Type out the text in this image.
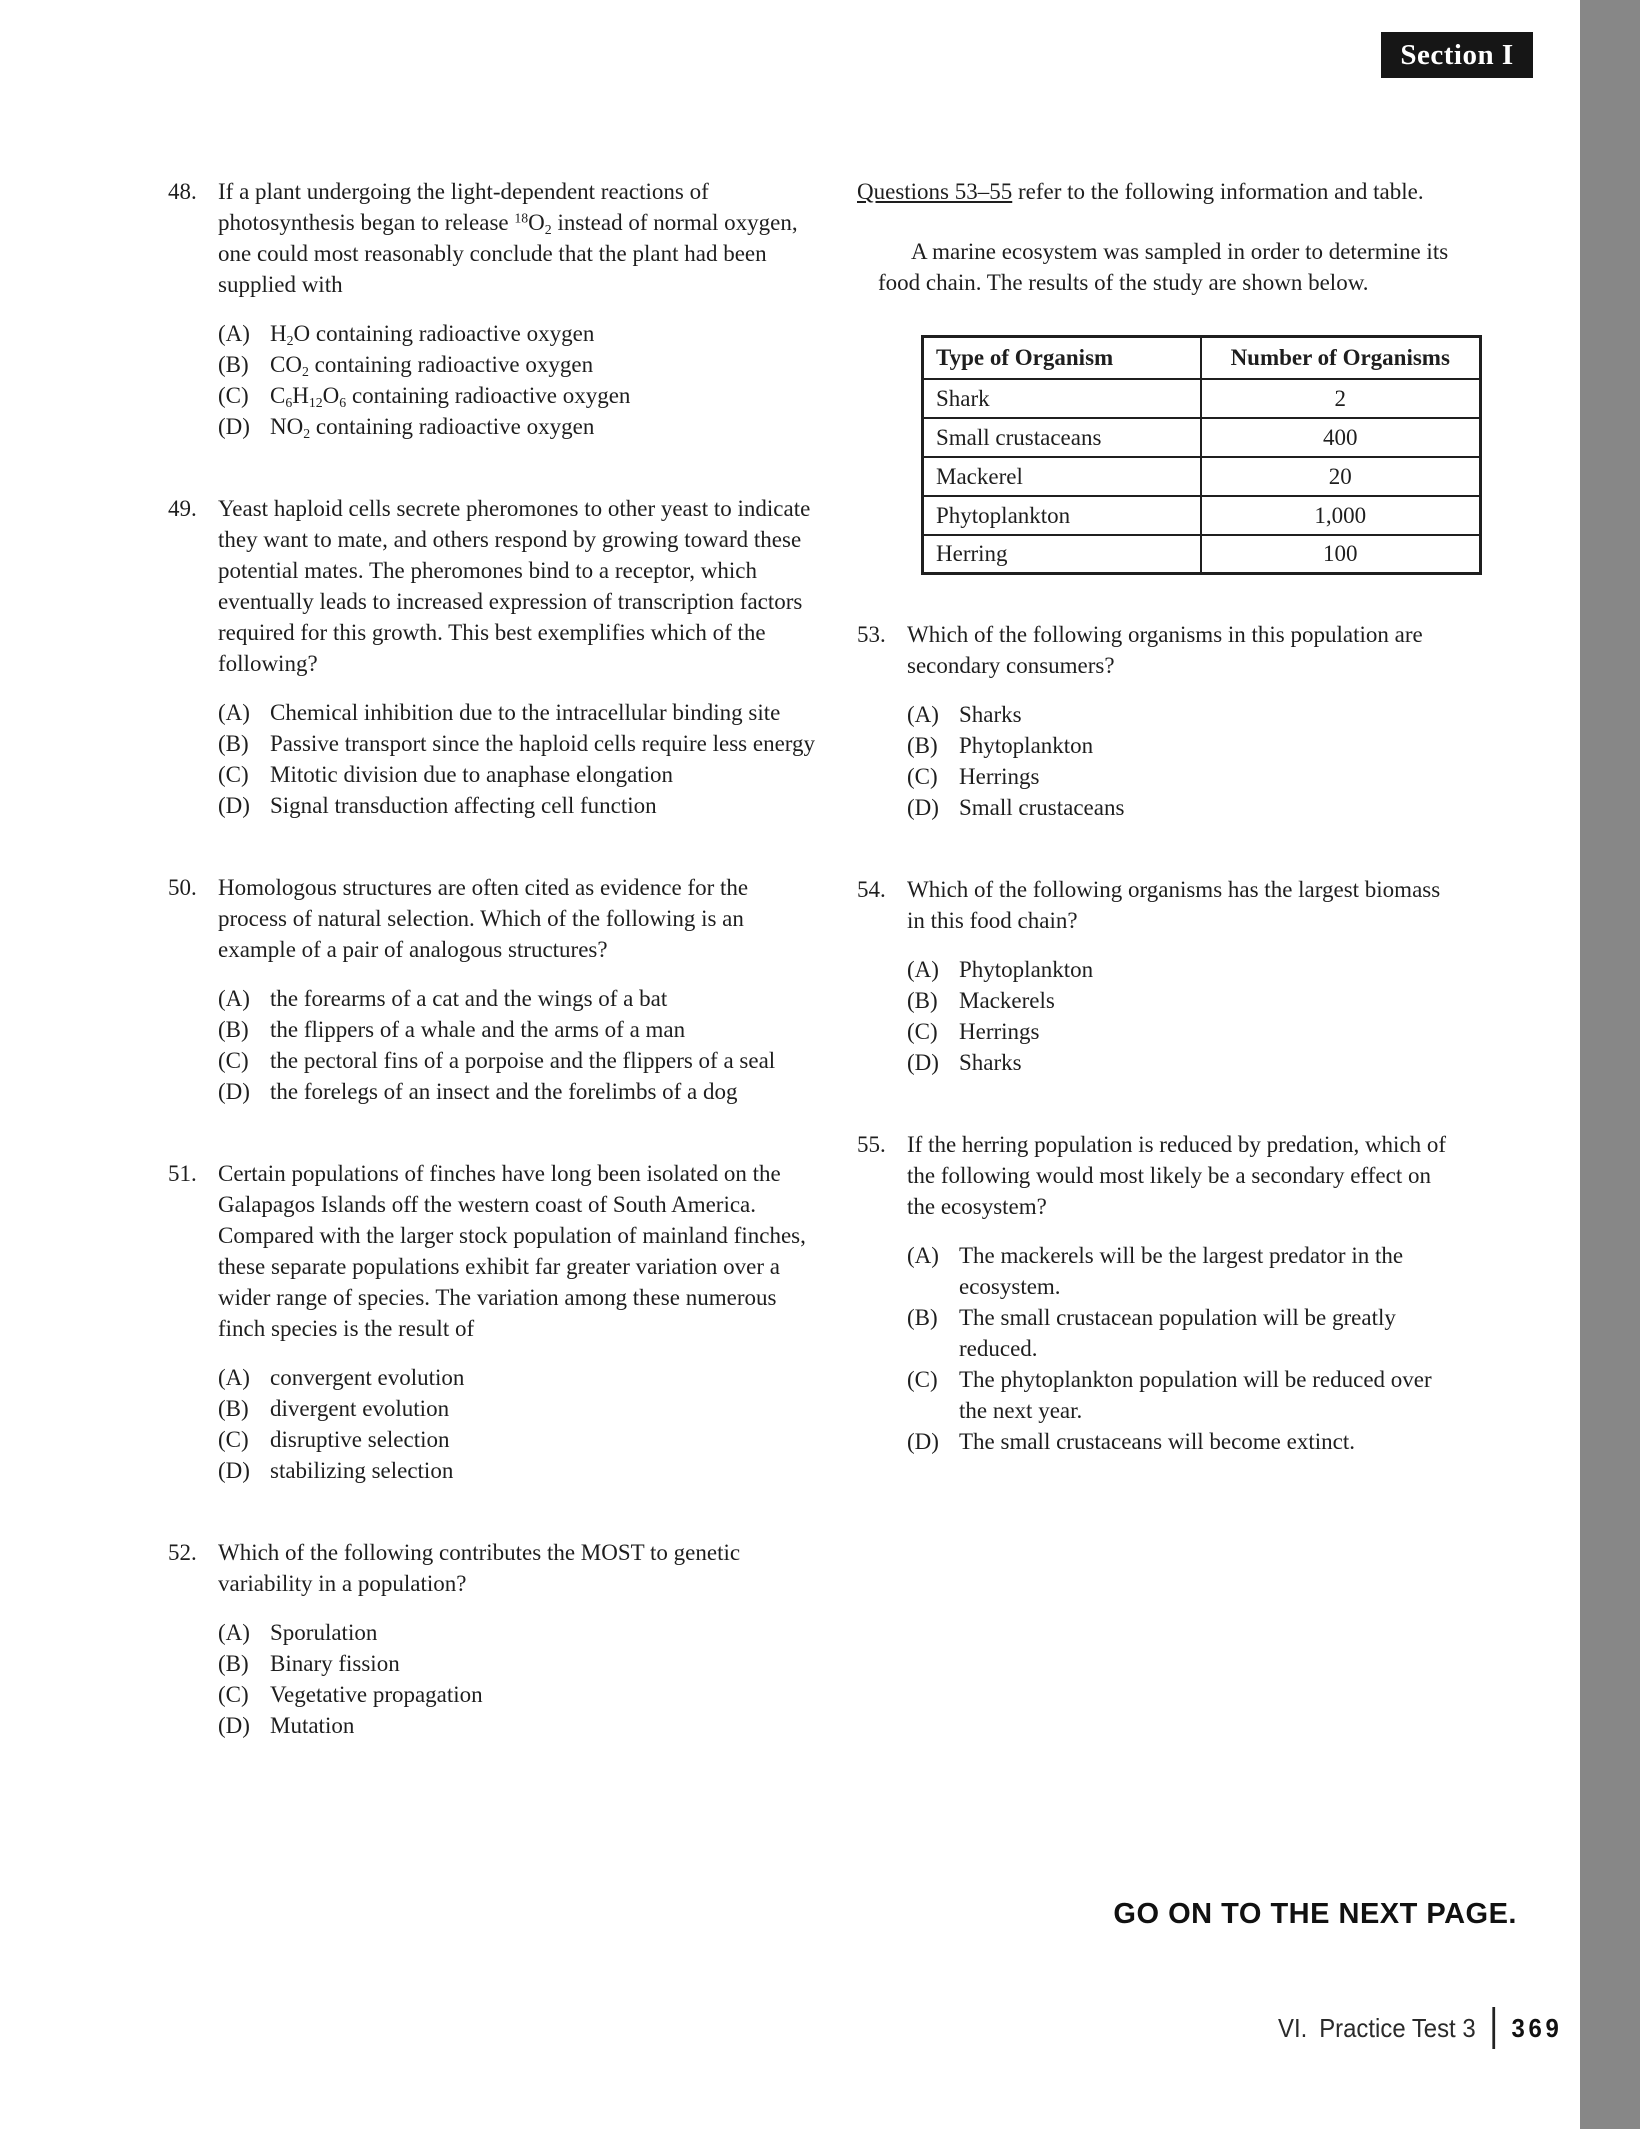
Section I
48. If a plant undergoing the light-dependent reactions of photosynthesis began to release $^{18}O_2$ instead of normal oxygen, one could most reasonably conclude that the plant had been supplied with
(A) $H_2O$ containing radioactive oxygen
(B) $CO_2$ containing radioactive oxygen
(C) $C_6H_{12}O_6$ containing radioactive oxygen
(D) $NO_2$ containing radioactive oxygen
49. Yeast haploid cells secrete pheromones to other yeast to indicate they want to mate, and others respond by growing toward these potential mates. The pheromones bind to a receptor, which eventually leads to increased expression of transcription factors required for this growth. This best exemplifies which of the following?
(A) Chemical inhibition due to the intracellular binding site
(B) Passive transport since the haploid cells require less energy
(C) Mitotic division due to anaphase elongation
(D) Signal transduction affecting cell function
50. Homologous structures are often cited as evidence for the process of natural selection. Which of the following is an example of a pair of analogous structures?
(A) the forearms of a cat and the wings of a bat
(B) the flippers of a whale and the arms of a man
(C) the pectoral fins of a porpoise and the flippers of a seal
(D) the forelegs of an insect and the forelimbs of a dog
51. Certain populations of finches have long been isolated on the Galapagos Islands off the western coast of South America. Compared with the larger stock population of mainland finches, these separate populations exhibit far greater variation over a wider range of species. The variation among these numerous finch species is the result of
(A) convergent evolution
(B) divergent evolution
(C) disruptive selection
(D) stabilizing selection
52. Which of the following contributes the MOST to genetic variability in a population?
(A) Sporulation
(B) Binary fission
(C) Vegetative propagation
(D) Mutation
Questions 53–55 refer to the following information and table.
A marine ecosystem was sampled in order to determine its food chain. The results of the study are shown below.
Type of Organism	Number of Organisms
Shark	2
Small crustaceans	400
Mackerel	20
Phytoplankton	1,000
Herring	100
53. Which of the following organisms in this population are secondary consumers?
(A) Sharks
(B) Phytoplankton
(C) Herrings
(D) Small crustaceans
54. Which of the following organisms has the largest biomass in this food chain?
(A) Phytoplankton
(B) Mackerels
(C) Herrings
(D) Sharks
55. If the herring population is reduced by predation, which of the following would most likely be a secondary effect on the ecosystem?
(A) The mackerels will be the largest predator in the ecosystem.
(B) The small crustacean population will be greatly reduced.
(C) The phytoplankton population will be reduced over the next year.
(D) The small crustaceans will become extinct.
GO ON TO THE NEXT PAGE.
VI. Practice Test 3 369
